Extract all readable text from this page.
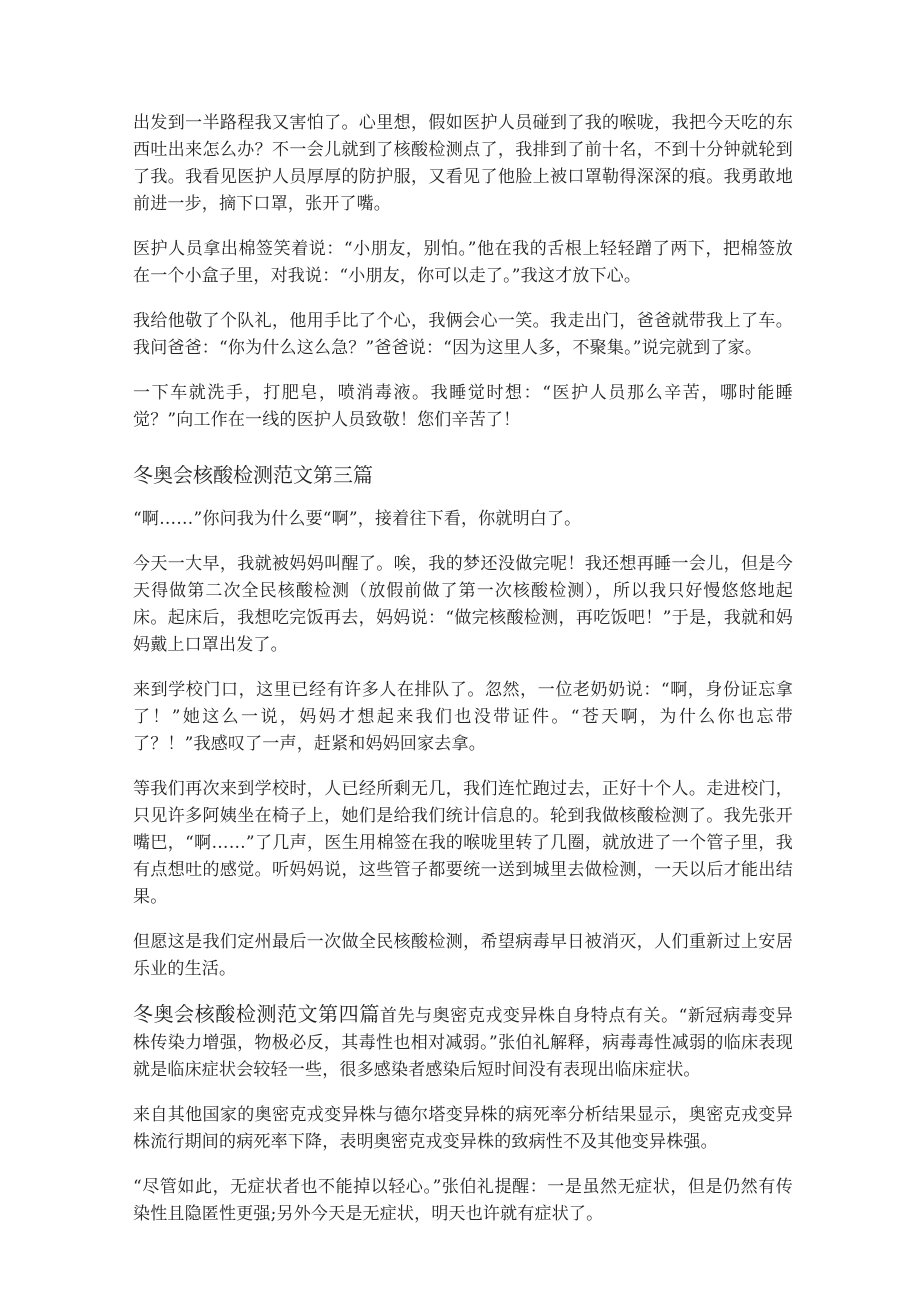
出发到一半路程我又害怕了。心里想，假如医护人员碰到了我的喉咙，我把今天吃的东西吐出来怎么办？不一会儿就到了核酸检测点了，我排到了前十名，不到十分钟就轮到了我。我看见医护人员厚厚的防护服，又看见了他脸上被口罩勒得深深的痕。我勇敢地前进一步，摘下口罩，张开了嘴。

医护人员拿出棉签笑着说：“小朋友，别怕。”他在我的舌根上轻轻蹭了两下，把棉签放在一个小盒子里，对我说：“小朋友，你可以走了。”我这才放下心。

我给他敬了个队礼，他用手比了个心，我俩会心一笑。我走出门，爸爸就带我上了车。我问爸爸：“你为什么这么急？”爸爸说：“因为这里人多，不聚集。”说完就到了家。

一下车就洗手，打肥皂，喷消毒液。我睡觉时想：“医护人员那么辛苦，哪时能睡觉？”向工作在一线的医护人员致敬！您们辛苦了！

冬奥会核酸检测范文第三篇

“啊……”你问我为什么要“啊”，接着往下看，你就明白了。

今天一大早，我就被妈妈叫醒了。唉，我的梦还没做完呢！我还想再睡一会儿，但是今天得做第二次全民核酸检测（放假前做了第一次核酸检测），所以我只好慢悠悠地起床。起床后，我想吃完饭再去，妈妈说：“做完核酸检测，再吃饭吧！”于是，我就和妈妈戴上口罩出发了。

来到学校门口，这里已经有许多人在排队了。忽然，一位老奶奶说：“啊，身份证忘拿了！”她这么一说，妈妈才想起来我们也没带证件。“苍天啊，为什么你也忘带了？！”我感叹了一声，赶紧和妈妈回家去拿。

等我们再次来到学校时，人已经所剩无几，我们连忙跑过去，正好十个人。走进校门，只见许多阿姨坐在椅子上，她们是给我们统计信息的。轮到我做核酸检测了。我先张开嘴巴，“啊……”了几声，医生用棉签在我的喉咙里转了几圈，就放进了一个管子里，我有点想吐的感觉。听妈妈说，这些管子都要统一送到城里去做检测，一天以后才能出结果。

但愿这是我们定州最后一次做全民核酸检测，希望病毒早日被消灭，人们重新过上安居乐业的生活。

冬奥会核酸检测范文第四篇首先与奥密克戎变异株自身特点有关。“新冠病毒变异株传染力增强，物极必反，其毒性也相对减弱。”张伯礼解释，病毒毒性减弱的临床表现就是临床症状会较轻一些，很多感染者感染后短时间没有表现出临床症状。

来自其他国家的奥密克戎变异株与德尔塔变异株的病死率分析结果显示，奥密克戎变异株流行期间的病死率下降，表明奥密克戎变异株的致病性不及其他变异株强。

“尽管如此，无症状者也不能掉以轻心。”张伯礼提醒：一是虽然无症状，但是仍然有传染性且隐匿性更强;另外今天是无症状，明天也许就有症状了。
